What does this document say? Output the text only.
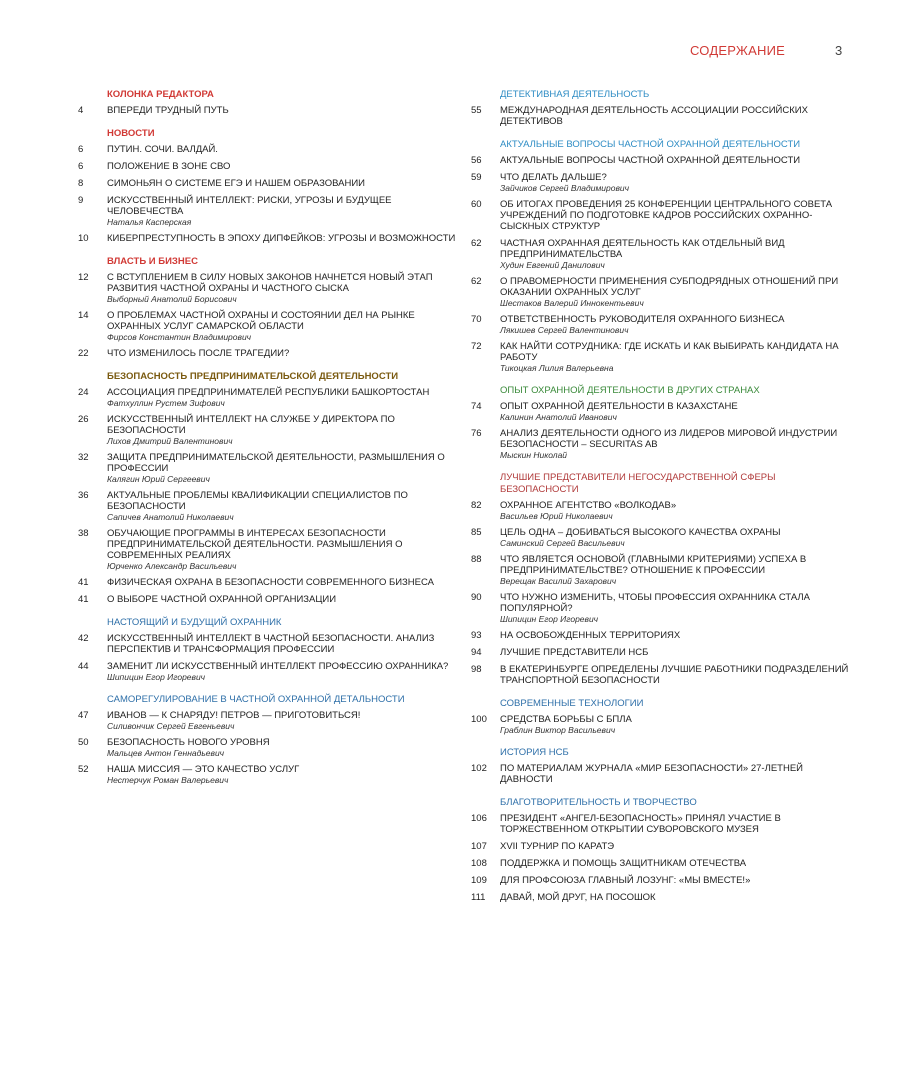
СОДЕРЖАНИЕ	3
КОЛОНКА РЕДАКТОРА
4	ВПЕРЕДИ ТРУДНЫЙ ПУТЬ
НОВОСТИ
6	ПУТИН. СОЧИ. ВАЛДАЙ.
6	ПОЛОЖЕНИЕ В ЗОНЕ СВО
8	СИМОНЬЯН О СИСТЕМЕ ЕГЭ И НАШЕМ ОБРАЗОВАНИИ
9	ИСКУССТВЕННЫЙ ИНТЕЛЛЕКТ: РИСКИ, УГРОЗЫ И БУДУЩЕЕ ЧЕЛОВЕЧЕСТВА
Наталья Касперская
10	КИБЕРПРЕСТУПНОСТЬ В ЭПОХУ ДИПФЕЙКОВ: УГРОЗЫ И ВОЗМОЖНОСТИ
ВЛАСТЬ И БИЗНЕС
12	С ВСТУПЛЕНИЕМ В СИЛУ НОВЫХ ЗАКОНОВ НАЧНЕТСЯ НОВЫЙ ЭТАП РАЗВИТИЯ ЧАСТНОЙ ОХРАНЫ И ЧАСТНОГО СЫСКА
Выборный Анатолий Борисович
14	О ПРОБЛЕМАХ ЧАСТНОЙ ОХРАНЫ И СОСТОЯНИИ ДЕЛ НА РЫНКЕ ОХРАННЫХ УСЛУГ САМАРСКОЙ ОБЛАСТИ
Фирсов Константин Владимирович
22	ЧТО ИЗМЕНИЛОСЬ ПОСЛЕ ТРАГЕДИИ?
БЕЗОПАСНОСТЬ ПРЕДПРИНИМАТЕЛЬСКОЙ ДЕЯТЕЛЬНОСТИ
24	АССОЦИАЦИЯ ПРЕДПРИНИМАТЕЛЕЙ РЕСПУБЛИКИ БАШКОРТОСТАН
Фатхуллин Рустем Зифович
26	ИСКУССТВЕННЫЙ ИНТЕЛЛЕКТ НА СЛУЖБЕ У ДИРЕКТОРА ПО БЕЗОПАСНОСТИ
Лихов Дмитрий Валентинович
32	ЗАЩИТА ПРЕДПРИНИМАТЕЛЬСКОЙ ДЕЯТЕЛЬНОСТИ, РАЗМЫШЛЕНИЯ О ПРОФЕССИИ
Калягин Юрий Сергеевич
36	АКТУАЛЬНЫЕ ПРОБЛЕМЫ КВАЛИФИКАЦИИ СПЕЦИАЛИСТОВ ПО БЕЗОПАСНОСТИ
Сапичев Анатолий Николаевич
38	ОБУЧАЮЩИЕ ПРОГРАММЫ В ИНТЕРЕСАХ БЕЗОПАСНОСТИ ПРЕДПРИНИМАТЕЛЬСКОЙ ДЕЯТЕЛЬНОСТИ. РАЗМЫШЛЕНИЯ О СОВРЕМЕННЫХ РЕАЛИЯХ
Юрченко Александр Васильевич
41	ФИЗИЧЕСКАЯ ОХРАНА В БЕЗОПАСНОСТИ СОВРЕМЕННОГО БИЗНЕСА
41	О ВЫБОРЕ ЧАСТНОЙ ОХРАННОЙ ОРГАНИЗАЦИИ
НАСТОЯЩИЙ И БУДУЩИЙ ОХРАННИК
42	ИСКУССТВЕННЫЙ ИНТЕЛЛЕКТ В ЧАСТНОЙ БЕЗОПАСНОСТИ. АНАЛИЗ ПЕРСПЕКТИВ И ТРАНСФОРМАЦИЯ ПРОФЕССИИ
44	ЗАМЕНИТ ЛИ ИСКУССТВЕННЫЙ ИНТЕЛЛЕКТ ПРОФЕССИЮ ОХРАННИКА?
Шипицин Егор Игоревич
САМОРЕГУЛИРОВАНИЕ В ЧАСТНОЙ ОХРАННОЙ ДЕТАЛЬНОСТИ
47	ИВАНОВ — К СНАРЯДУ! ПЕТРОВ — ПРИГОТОВИТЬСЯ!
Силивончик Сергей Евгеньевич
50	БЕЗОПАСНОСТЬ НОВОГО УРОВНЯ
Мальцев Антон Геннадьевич
52	НАША МИССИЯ — ЭТО КАЧЕСТВО УСЛУГ
Нестерчук Роман Валерьевич
ДЕТЕКТИВНАЯ ДЕЯТЕЛЬНОСТЬ
55	МЕЖДУНАРОДНАЯ ДЕЯТЕЛЬНОСТЬ АССОЦИАЦИИ РОССИЙСКИХ ДЕТЕКТИВОВ
АКТУАЛЬНЫЕ ВОПРОСЫ ЧАСТНОЙ ОХРАННОЙ ДЕЯТЕЛЬНОСТИ
56	АКТУАЛЬНЫЕ ВОПРОСЫ ЧАСТНОЙ ОХРАННОЙ ДЕЯТЕЛЬНОСТИ
59	ЧТО ДЕЛАТЬ ДАЛЬШЕ?
Зайчиков Сергей Владимирович
60	ОБ ИТОГАХ ПРОВЕДЕНИЯ 25 КОНФЕРЕНЦИИ ЦЕНТРАЛЬНОГО СОВЕТА УЧРЕЖДЕНИЙ ПО ПОДГОТОВКЕ КАДРОВ РОССИЙСКИХ ОХРАННО-СЫСКНЫХ СТРУКТУР
62	ЧАСТНАЯ ОХРАННАЯ ДЕЯТЕЛЬНОСТЬ КАК ОТДЕЛЬНЫЙ ВИД ПРЕДПРИНИМАТЕЛЬСТВА
Худин Евгений Данилович
62	О ПРАВОМЕРНОСТИ ПРИМЕНЕНИЯ СУБПОДРЯДНЫХ ОТНОШЕНИЙ ПРИ ОКАЗАНИИ ОХРАННЫХ УСЛУГ
Шестаков Валерий Иннокентьевич
70	ОТВЕТСТВЕННОСТЬ РУКОВОДИТЕЛЯ ОХРАННОГО БИЗНЕСА
Лякишев Сергей Валентинович
72	КАК НАЙТИ СОТРУДНИКА: ГДЕ ИСКАТЬ И КАК ВЫБИРАТЬ КАНДИДАТА НА РАБОТУ
Тикоцкая Лилия Валерьевна
ОПЫТ ОХРАННОЙ ДЕЯТЕЛЬНОСТИ В ДРУГИХ СТРАНАХ
74	ОПЫТ ОХРАННОЙ ДЕЯТЕЛЬНОСТИ В КАЗАХСТАНЕ
Калинин Анатолий Иванович
76	АНАЛИЗ ДЕЯТЕЛЬНОСТИ ОДНОГО ИЗ ЛИДЕРОВ МИРОВОЙ ИНДУСТРИИ БЕЗОПАСНОСТИ – SECURITAS AB
Мыскин Николай
ЛУЧШИЕ ПРЕДСТАВИТЕЛИ НЕГОСУДАРСТВЕННОЙ СФЕРЫ БЕЗОПАСНОСТИ
82	ОХРАННОЕ АГЕНТСТВО «ВОЛКОДАВ»
Васильев Юрий Николаевич
85	ЦЕЛЬ ОДНА – ДОБИВАТЬСЯ ВЫСОКОГО КАЧЕСТВА ОХРАНЫ
Саминский Сергей Васильевич
88	ЧТО ЯВЛЯЕТСЯ ОСНОВОЙ (ГЛАВНЫМИ КРИТЕРИЯМИ) УСПЕХА В ПРЕДПРИНИМАТЕЛЬСТВЕ? ОТНОШЕНИЕ К ПРОФЕССИИ
Верещак Василий Захарович
90	ЧТО НУЖНО ИЗМЕНИТЬ, ЧТОБЫ ПРОФЕССИЯ ОХРАННИКА СТАЛА ПОПУЛЯРНОЙ?
Шипицин Егор Игоревич
93	НА ОСВОБОЖДЕННЫХ ТЕРРИТОРИЯХ
94	ЛУЧШИЕ ПРЕДСТАВИТЕЛИ НСБ
98	В ЕКАТЕРИНБУРГЕ ОПРЕДЕЛЕНЫ ЛУЧШИЕ РАБОТНИКИ ПОДРАЗДЕЛЕНИЙ ТРАНСПОРТНОЙ БЕЗОПАСНОСТИ
СОВРЕМЕННЫЕ ТЕХНОЛОГИИ
100	СРЕДСТВА БОРЬБЫ С БПЛА
Граблин Виктор Васильевич
ИСТОРИЯ НСБ
102	ПО МАТЕРИАЛАМ ЖУРНАЛА «МИР БЕЗОПАСНОСТИ» 27-ЛЕТНЕЙ ДАВНОСТИ
БЛАГОТВОРИТЕЛЬНОСТЬ И ТВОРЧЕСТВО
106	ПРЕЗИДЕНТ «АНГЕЛ-БЕЗОПАСНОСТЬ» ПРИНЯЛ УЧАСТИЕ В ТОРЖЕСТВЕННОМ ОТКРЫТИИ СУВОРОВСКОГО МУЗЕЯ
107	XVII ТУРНИР ПО КАРАТЭ
108	ПОДДЕРЖКА И ПОМОЩЬ ЗАЩИТНИКАМ ОТЕЧЕСТВА
109	ДЛЯ ПРОФСОЮЗА ГЛАВНЫЙ ЛОЗУНГ: «МЫ ВМЕСТЕ!»
111	ДАВАЙ, МОЙ ДРУГ, НА ПОСОШОК
